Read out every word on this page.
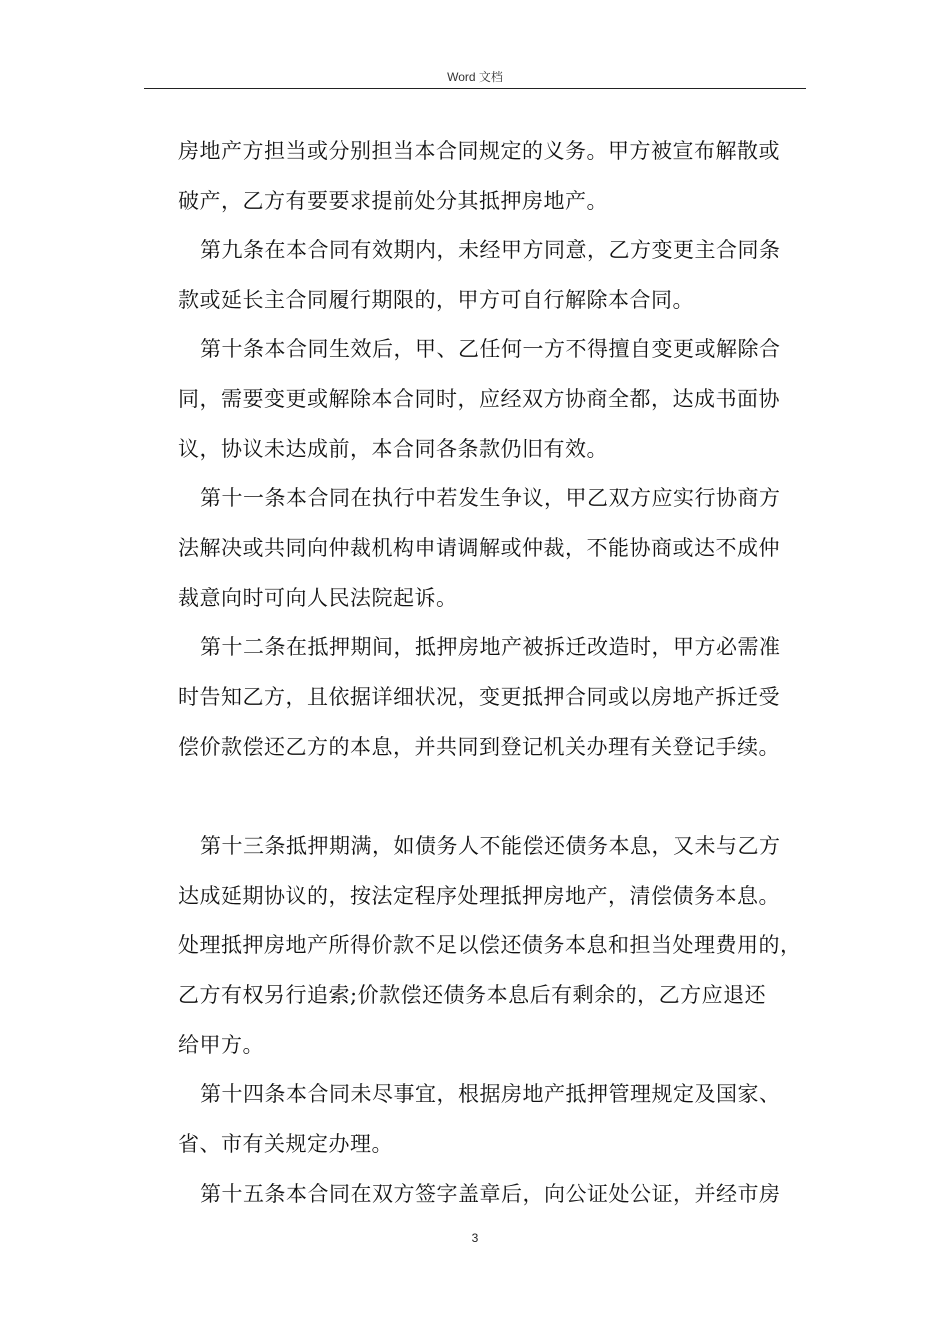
Word 文档
房地产方担当或分别担当本合同规定的义务。甲方被宣布解散或
破产，乙方有要要求提前处分其抵押房地产。
第九条在本合同有效期内，未经甲方同意，乙方变更主合同条
款或延长主合同履行期限的，甲方可自行解除本合同。
第十条本合同生效后，甲、乙任何一方不得擅自变更或解除合
同，需要变更或解除本合同时，应经双方协商全都，达成书面协
议，协议未达成前，本合同各条款仍旧有效。
第十一条本合同在执行中若发生争议，甲乙双方应实行协商方
法解决或共同向仲裁机构申请调解或仲裁，不能协商或达不成仲
裁意向时可向人民法院起诉。
第十二条在抵押期间，抵押房地产被拆迁改造时，甲方必需准
时告知乙方，且依据详细状况，变更抵押合同或以房地产拆迁受
偿价款偿还乙方的本息，并共同到登记机关办理有关登记手续。
第十三条抵押期满，如债务人不能偿还债务本息，又未与乙方
达成延期协议的，按法定程序处理抵押房地产，清偿债务本息。
处理抵押房地产所得价款不足以偿还债务本息和担当处理费用的，
乙方有权另行追索;价款偿还债务本息后有剩余的，乙方应退还
给甲方。
第十四条本合同未尽事宜，根据房地产抵押管理规定及国家、
省、市有关规定办理。
第十五条本合同在双方签字盖章后，向公证处公证，并经市房
3
